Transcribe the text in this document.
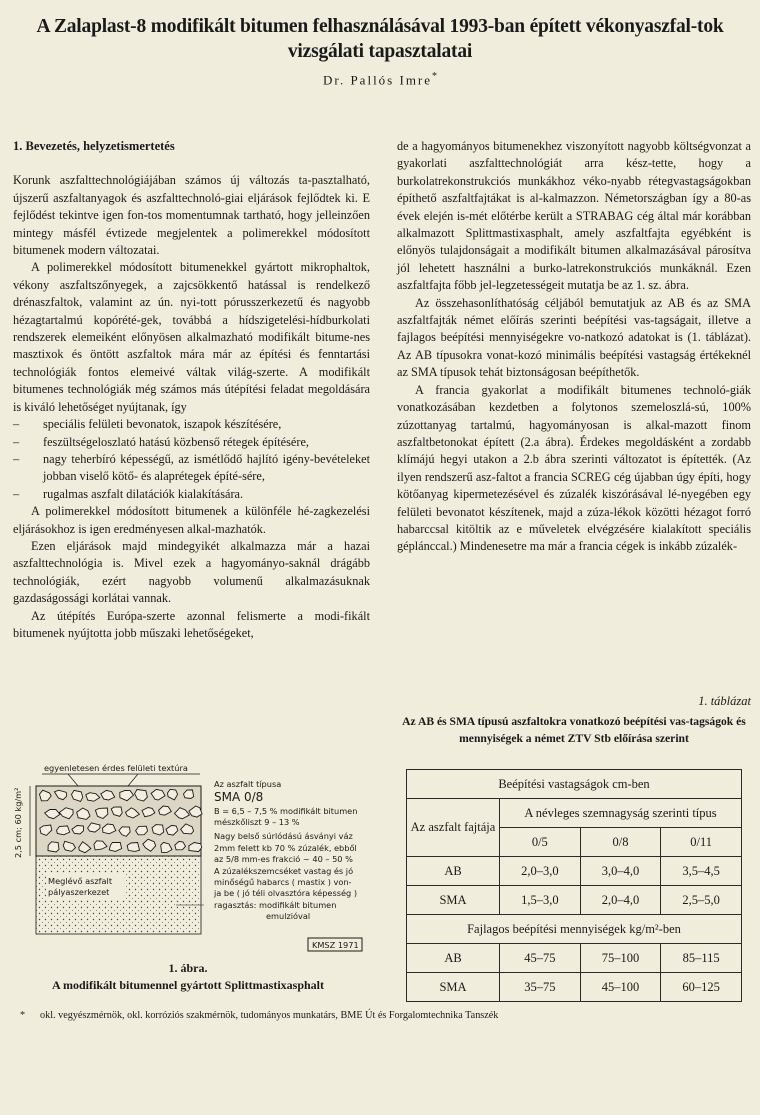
A Zalaplast-8 modifikált bitumen felhasználásával 1993-ban épített vékonyaszfal-tok vizsgálati tapasztalatai
Dr. Pallós Imre*
1. Bevezetés, helyzetismertetés

Korunk aszfalttechnológiájában számos új változás ta-pasztalható, újszerű aszfaltanyagok és aszfalttechnoló-giai eljárások fejlődtek ki. E fejlődést tekintve igen fon-tos momentumnak tartható, hogy jelleinzően mintegy másfél évtizede megjelentek a polimerekkel módosított bitumenek modern változatai.

A polimerekkel módosított bitumenekkel gyártott mikrophaltok, vékony aszfaltszőnyegek, a zajcsökkentő hatással is rendelkező drénaszfaltok, valamint az ún. nyi-tott pórusszerkezetű és nagyobb hézagtartalmú kopórété-gek, továbbá a hídszigetelési-hídburkolati rendszerek elemeiként előnyösen alkalmazható modifikált bitume-nes masztixok és öntött aszfaltok mára már az építési és fenntartási technológiák fontos elemeivé váltak világ-szerte. A modifikált bitumenes technológiák még számos más útépítési feladat megoldására is kiváló lehetőséget nyújtanak, így

– speciális felületi bevonatok, iszapok készítésére,
– feszültségeloszlató hatású közbenső rétegek építésére,
– nagy teherbíró képességű, az ismétlődő hajlító igény-bevételeket jobban viselő kötő- és alaprétegek építé-sére,
– rugalmas aszfalt dilatációk kialakítására.

A polimerekkel módosított bitumenek a különféle hé-zagkezelési eljárásokhoz is igen eredményesen alkal-mazhatók.

Ezen eljárások majd mindegyikét alkalmazza már a hazai aszfalttechnológia is. Mivel ezek a hagyományo-saknál drágább technológiák, ezért nagyobb volumenű alkalmazásuknak gazdaságossági korlátai vannak.

Az útépítés Európa-szerte azonnal felismerte a modi-fikált bitumenek nyújtotta jobb műszaki lehetőségeket,

de a hagyományos bitumenekhez viszonyított nagyobb költségvonzat a gyakorlati aszfalttechnológiát arra kész-tette, hogy a burkolatrekonstrukciós munkákhoz véko-nyabb rétegvastagságokban építhető aszfaltfajtákat is al-kalmazzon. Németországban így a 80-as évek elején is-mét előtérbe került a STRABAG cég által már korábban alkalmazott Splittmastixasphalt, amely aszfaltfajta egyébként is előnyös tulajdonságait a modifikált bitumen alkalmazásával párosítva jól lehetett használni a burko-latrekonstrukciós munkáknál. Ezen aszfaltfajta főbb jel-legzetességeit mutatja be az 1. sz. ábra.

Az összehasonlíthatóság céljából bemutatjuk az AB és az SMA aszfaltfajták német előírás szerinti beépítési vas-tagságait, illetve a fajlagos beépítési mennyiségekre vo-natkozó adatokat is (1. táblázat). Az AB típusokra vonat-kozó minimális beépítési vastagság értékeknél az SMA típusok tehát biztonságosan beépíthetők.

A francia gyakorlat a modifikált bitumenes technoló-giák vonatkozásában kezdetben a folytonos szemeloszlá-sú, 100% zúzottanyag tartalmú, hagyományosan is alkal-mazott finom aszfaltbetonokat épített (2.a ábra). Érdekes megoldásként a zordabb klímájú hegyi utakon a 2.b ábra szerinti változatot is építették. (Az ilyen rendszerű asz-faltot a francia SCREG cég újabban úgy építi, hogy kötőanyag kipermetezésével és zúzalék kiszórásával lé-nyegében egy felületi bevonatot készítenek, majd a zúza-lékok közötti hézagot forró habarccsal kitöltik az e műveletek elvégzésére kialakított speciális géplánccal.) Mindenesetre ma már a francia cégek is inkább zúzalék-

1. táblázat
Az AB és SMA típusú aszfaltokra vonatkozó beépítési vas-tagságok és mennyiségek a német ZTV Stb előírása szerint
Beépítési vastagságok cm-ben			
Az aszfalt fajtája	A névleges szemnagyság szerinti típus		
	0/5	0/8	0/11
AB	2,0–3,0	3,0–4,0	3,5–4,5
SMA	1,5–3,0	2,0–4,0	2,5–5,0
Fajlagos beépítési mennyiségek kg/m²-ben			
AB	45–75	75–100	85–115
SMA	35–75	45–100	60–125
egyenletesen érdes felületi textúra
Meglévő aszfalt
pályaszerkezet
2,5 cm; 60 kg/m²
Az aszfalt típusa
SMA 0/8
B = 6,5 – 7,5 % modifikált bitumen
mészkőliszt 9 – 13 %
Nagy belső súrlódású ásványi váz
2mm felett kb 70 % zúzalék, ebből
az 5/8 mm-es frakció ~ 40 – 50 %
A zúzalékszemcséket vastag és jó
minőségű habarcs ( mastix ) von-
ja be ( jó téli olvasztóra képesség )
ragasztás: modifikált bitumen
emulzióval
KMSZ 1971
1. ábra.
A modifikált bitumennel gyártott Splittmastixasphalt
* okl. vegyészmérnök, okl. korróziós szakmérnök, tudományos munkatárs, BME Út és Forgalomtechnika Tanszék
